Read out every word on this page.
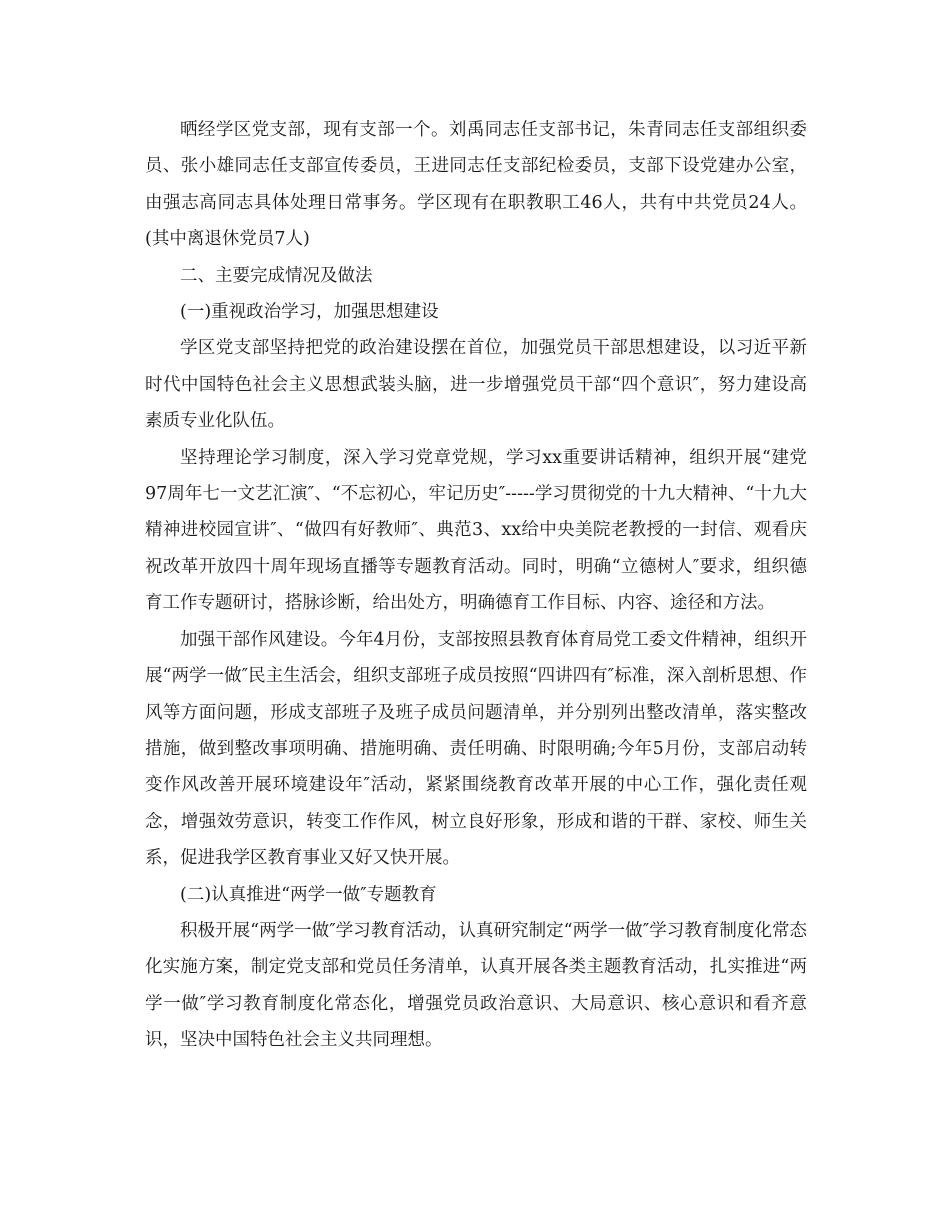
晒经学区党支部，现有支部一个。刘禹同志任支部书记，朱青同志任支部组织委员、张小雄同志任支部宣传委员，王进同志任支部纪检委员，支部下设党建办公室，由强志高同志具体处理日常事务。学区现有在职教职工46人，共有中共党员24人。(其中离退休党员7人)

二、主要完成情况及做法

(一)重视政治学习，加强思想建设

学区党支部坚持把党的政治建设摆在首位，加强党员干部思想建设，以习近平新时代中国特色社会主义思想武装头脑，进一步增强党员干部“四个意识″，努力建设高素质专业化队伍。

坚持理论学习制度，深入学习党章党规，学习xx重要讲话精神，组织开展“建党97周年七一文艺汇演″、“不忘初心，牢记历史″-----学习贯彻党的十九大精神、“十九大精神进校园宣讲″、“做四有好教师″、典范3、xx给中央美院老教授的一封信、观看庆祝改革开放四十周年现场直播等专题教育活动。同时，明确“立德树人″要求，组织德育工作专题研讨，搭脉诊断，给出处方，明确德育工作目标、内容、途径和方法。

加强干部作风建设。今年4月份，支部按照县教育体育局党工委文件精神，组织开展“两学一做″民主生活会，组织支部班子成员按照“四讲四有″标准，深入剖析思想、作风等方面问题，形成支部班子及班子成员问题清单，并分别列出整改清单，落实整改措施，做到整改事项明确、措施明确、责任明确、时限明确;今年5月份，支部启动转变作风改善开展环境建设年″活动，紧紧围绕教育改革开展的中心工作，强化责任观念，增强效劳意识，转变工作作风，树立良好形象，形成和谐的干群、家校、师生关系，促进我学区教育事业又好又快开展。

(二)认真推进“两学一做″专题教育

积极开展“两学一做″学习教育活动，认真研究制定“两学一做″学习教育制度化常态化实施方案，制定党支部和党员任务清单，认真开展各类主题教育活动，扎实推进“两学一做″学习教育制度化常态化，增强党员政治意识、大局意识、核心意识和看齐意识，坚决中国特色社会主义共同理想。
